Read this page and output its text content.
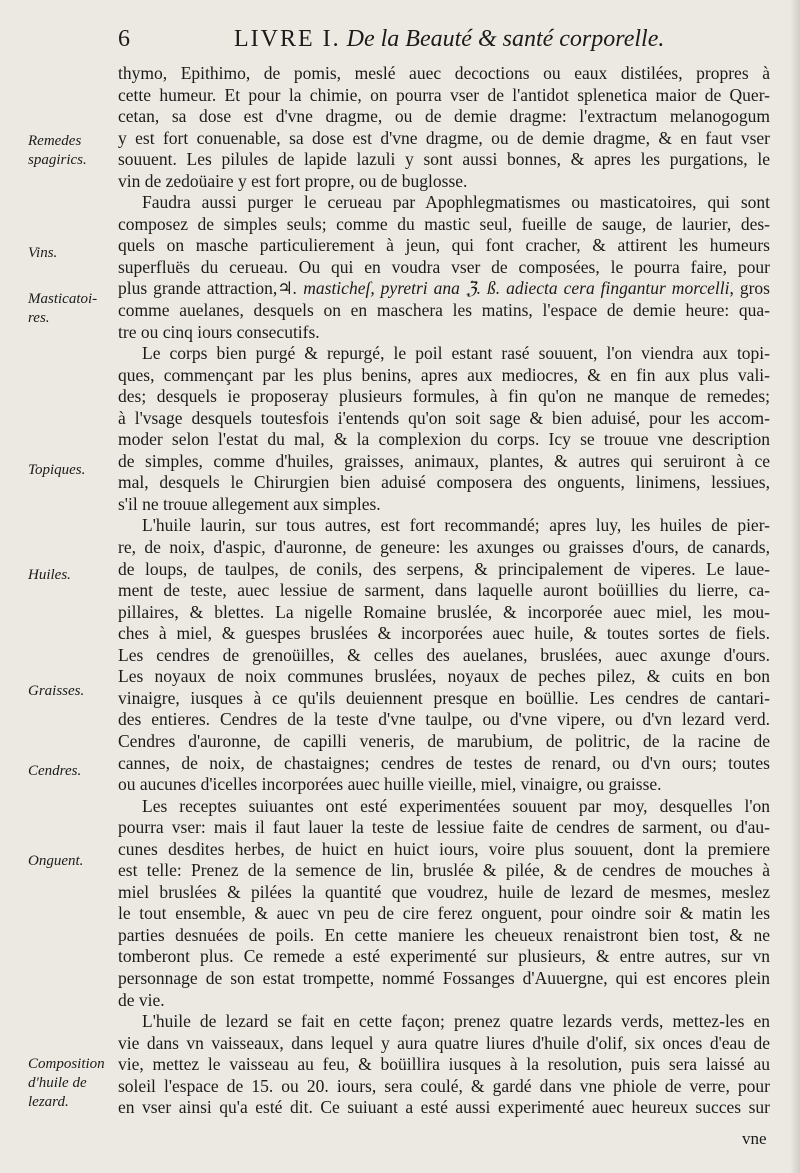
6	LIVRE I. De la Beauté & santé corporelle.
Remedes
spagirics.
Vins.
Masticatoi-
res.
Topiques.
Huiles.
Graisses.
Cendres.
Onguent.
Composition
d'huile de
lezard.

thymo, Epithimo, de pomis, meslé auec decoctions ou eaux distilées, propres à
cette humeur. Et pour la chimie, on pourra vser de l'antidot splenetica maior de Quer-
cetan, sa dose est d'vne dragme, ou de demie dragme: l'extractum melanogogum
y est fort conuenable, sa dose est d'vne dragme, ou de demie dragme, & en faut vser
souuent. Les pilules de lapide lazuli y sont aussi bonnes, & apres les purgations, le
vin de zedoüaire y est fort propre, ou de buglosse.

Faudra aussi purger le cerueau par Apophlegmatismes ou masticatoires, qui sont
composez de simples seuls; comme du mastic seul, fueille de sauge, de laurier, des-
quels on masche particulierement à jeun, qui font cracher, & attirent les humeurs
superfluës du cerueau. Ou qui en voudra vser de composées, le pourra faire, pour
plus grande attraction,♃. masticheſ, pyretri ana ℨ. ß. adiecta cera fingantur morcelli, gros
comme auelanes, desquels on en maschera les matins, l'espace de demie heure: qua-
tre ou cinq iours consecutifs.

Le corps bien purgé & repurgé, le poil estant rasé souuent, l'on viendra aux topi-
ques, commençant par les plus benins, apres aux mediocres, & en fin aux plus vali-
des; desquels ie proposeray plusieurs formules, à fin qu'on ne manque de remedes;
à l'vsage desquels toutesfois i'entends qu'on soit sage & bien aduisé, pour les accom-
moder selon l'estat du mal, & la complexion du corps. Icy se trouue vne description
de simples, comme d'huiles, graisses, animaux, plantes, & autres qui seruiront à ce
mal, desquels le Chirurgien bien aduisé composera des onguents, linimens, lessiues,
s'il ne trouue allegement aux simples.

L'huile laurin, sur tous autres, est fort recommandé; apres luy, les huiles de pier-
re, de noix, d'aspic, d'auronne, de geneure: les axunges ou graisses d'ours, de canards,
de loups, de taulpes, de conils, des serpens, & principalement de viperes. Le laue-
ment de teste, auec lessiue de sarment, dans laquelle auront boüillies du lierre, ca-
pillaires, & blettes. La nigelle Romaine bruslée, & incorporée auec miel, les mou-
ches à miel, & guespes bruslées & incorporées auec huile, & toutes sortes de fiels.
Les cendres de grenoüilles, & celles des auelanes, bruslées, auec axunge d'ours.
Les noyaux de noix communes bruslées, noyaux de peches pilez, & cuits en bon
vinaigre, iusques à ce qu'ils deuiennent presque en boüllie. Les cendres de cantari-
des entieres. Cendres de la teste d'vne taulpe, ou d'vne vipere, ou d'vn lezard verd.
Cendres d'auronne, de capilli veneris, de marubium, de politric, de la racine de
cannes, de noix, de chastaignes; cendres de testes de renard, ou d'vn ours; toutes
ou aucunes d'icelles incorporées auec huille vieille, miel, vinaigre, ou graisse.

Les receptes suiuantes ont esté experimentées souuent par moy, desquelles l'on
pourra vser: mais il faut lauer la teste de lessiue faite de cendres de sarment, ou d'au-
cunes desdites herbes, de huict en huict iours, voire plus souuent, dont la premiere
est telle: Prenez de la semence de lin, bruslée & pilée, & de cendres de mouches à
miel bruslées & pilées la quantité que voudrez, huile de lezard de mesmes, meslez
le tout ensemble, & auec vn peu de cire ferez onguent, pour oindre soir & matin les
parties desnuées de poils. En cette maniere les cheueux renaistront bien tost, & ne
tomberont plus. Ce remede a esté experimenté sur plusieurs, & entre autres, sur vn
personnage de son estat trompette, nommé Fossanges d'Auuergne, qui est encores plein
de vie.

L'huile de lezard se fait en cette façon; prenez quatre lezards verds, mettez-les en
vie dans vn vaisseaux, dans lequel y aura quatre liures d'huile d'olif, six onces d'eau de
vie, mettez le vaisseau au feu, & boüillira iusques à la resolution, puis sera laissé au
soleil l'espace de 15. ou 20. iours, sera coulé, & gardé dans vne phiole de verre, pour
en vser ainsi qu'a esté dit. Ce suiuant a esté aussi experimenté auec heureux succes sur

vne
